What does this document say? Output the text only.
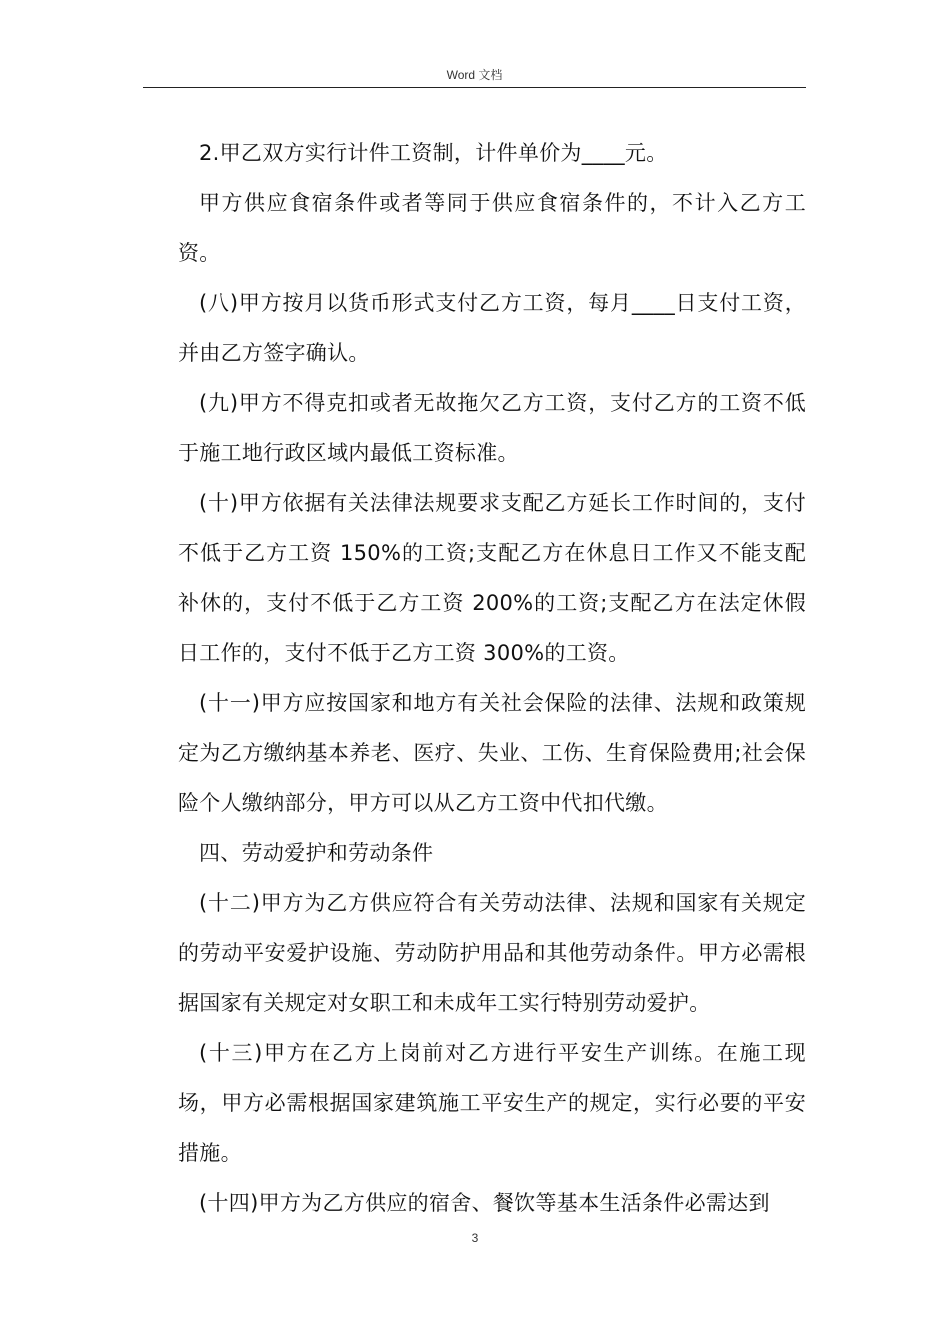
Word 文档

2.甲乙双方实行计件工资制，计件单价为____元。

甲方供应食宿条件或者等同于供应食宿条件的，不计入乙方工资。

(八)甲方按月以货币形式支付乙方工资，每月____日支付工资，并由乙方签字确认。

(九)甲方不得克扣或者无故拖欠乙方工资，支付乙方的工资不低于施工地行政区域内最低工资标准。

(十)甲方依据有关法律法规要求支配乙方延长工作时间的，支付不低于乙方工资 150%的工资;支配乙方在休息日工作又不能支配补休的，支付不低于乙方工资 200%的工资;支配乙方在法定休假日工作的，支付不低于乙方工资 300%的工资。

(十一)甲方应按国家和地方有关社会保险的法律、法规和政策规定为乙方缴纳基本养老、医疗、失业、工伤、生育保险费用;社会保险个人缴纳部分，甲方可以从乙方工资中代扣代缴。

四、劳动爱护和劳动条件

(十二)甲方为乙方供应符合有关劳动法律、法规和国家有关规定的劳动平安爱护设施、劳动防护用品和其他劳动条件。甲方必需根据国家有关规定对女职工和未成年工实行特别劳动爱护。

(十三)甲方在乙方上岗前对乙方进行平安生产训练。在施工现场，甲方必需根据国家建筑施工平安生产的规定，实行必要的平安措施。

(十四)甲方为乙方供应的宿舍、餐饮等基本生活条件必需达到

3
